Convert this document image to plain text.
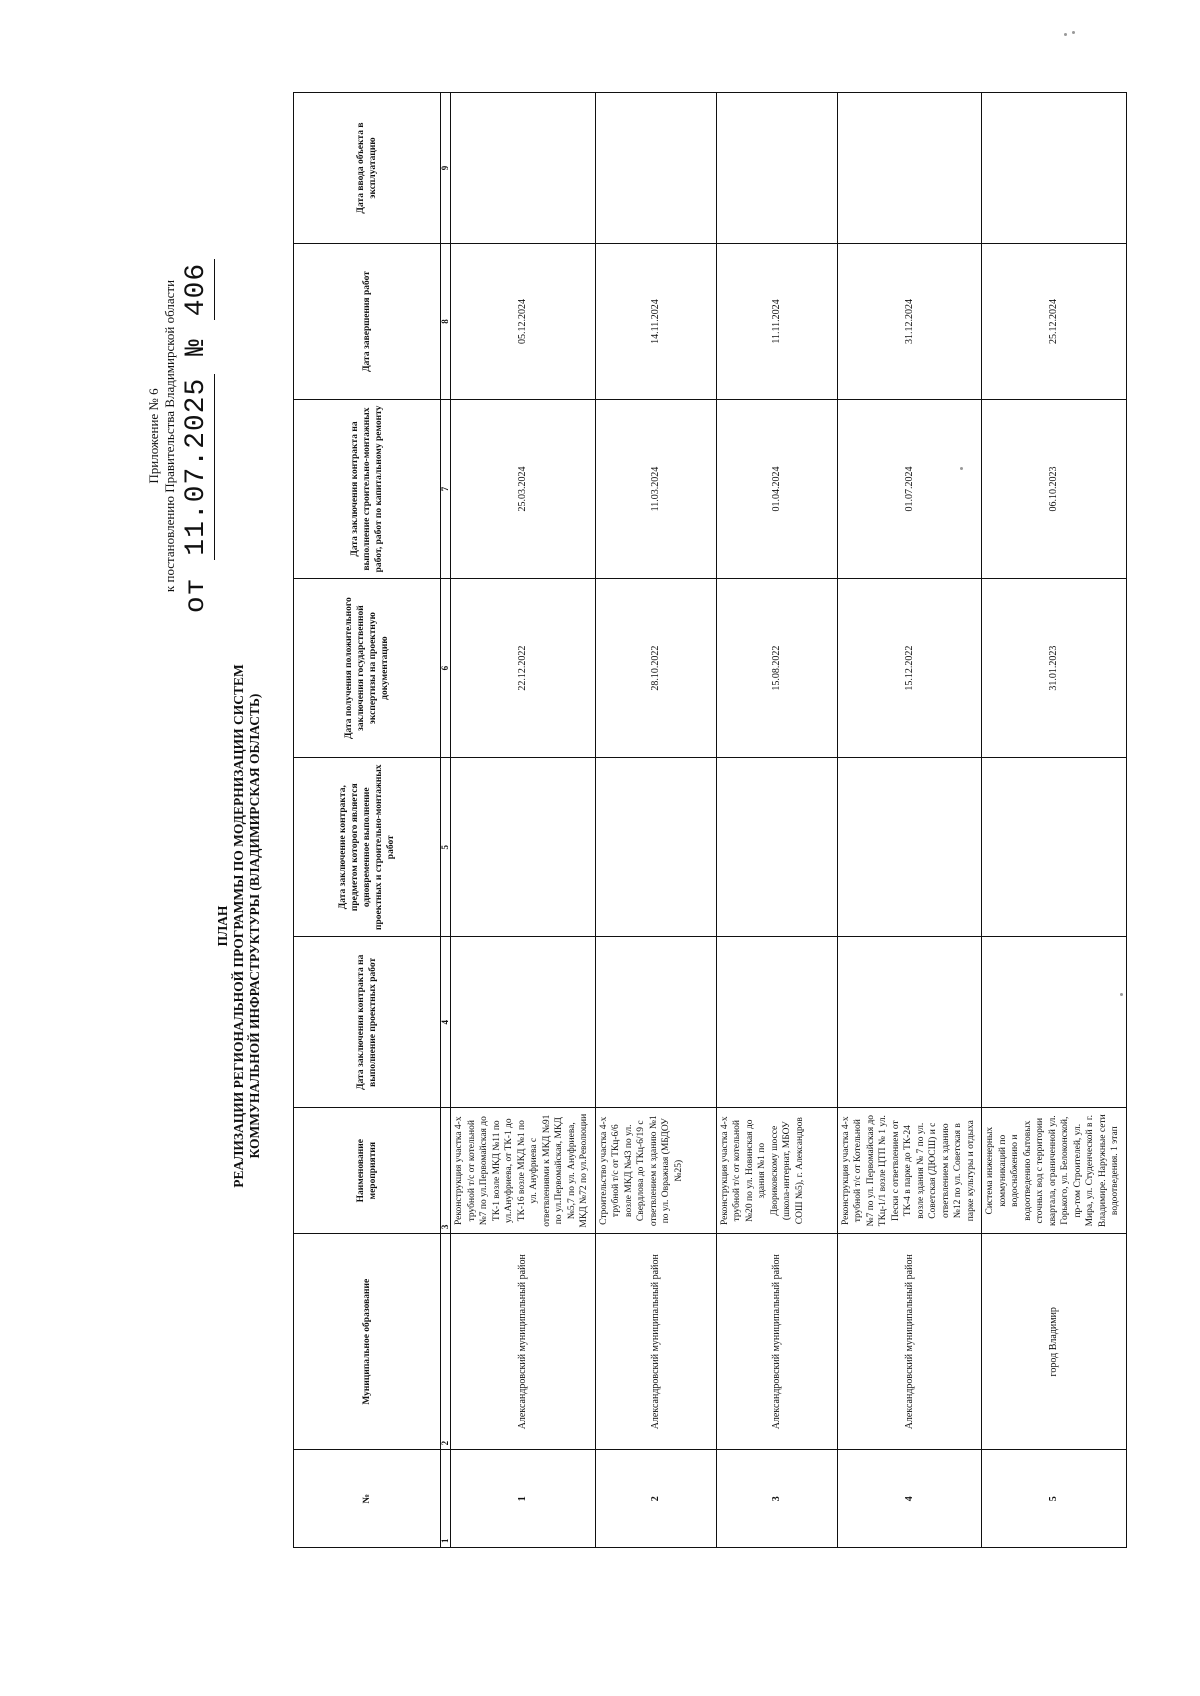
Приложение № 6 к постановлению Правительства Владимирской области
от 11.07.2025 № 406
ПЛАН РЕАЛИЗАЦИИ РЕГИОНАЛЬНОЙ ПРОГРАММЫ ПО МОДЕРНИЗАЦИИ СИСТЕМ КОММУНАЛЬНОЙ ИНФРАСТРУКТУРЫ (ВЛАДИМИРСКАЯ ОБЛАСТЬ)
№	Муниципальное образование	Наименование мероприятия	Дата заключения контракта на выполнение проектных работ	Дата заключение контракта, предметом которого является одновременное выполнение проектных и строительно-монтажных работ	Дата получения положительного заключения государственной экспертизы на проектную документацию	Дата заключения контракта на выполнение строительно-монтажных работ, работ по капитальному ремонту	Дата завершения работ	Дата ввода объекта в эксплуатацию
1	2	3	4	5	6	7	8	9
1	Александровский муниципальный район	Реконструкция участка 4-х трубной т/с от котельной №7 по ул.Первомайская до ТК-1 возле МКД №11 по ул.Ануфриева, от ТК-1 до ТК-16 возле МКД №1 по ул. Ануфриева с ответвлениями к МКД №91 по ул.Первомайская, МКД №5,7 по ул. Ануфриева, МКД №72 по ул.Революции			22.12.2022	25.03.2024	05.12.2024	
2	Александровский муниципальный район	Строительство участка 4-х трубной т/с от ТКц-6/6 возле МКД №43 по ул. Свердлова до ТКц-6/19 с ответвлением к зданию №1 по ул. Овражная (МБДОУ №25)			28.10.2022	11.03.2024	14.11.2024	
3	Александровский муниципальный район	Реконструкция участка 4-х трубной т/с от котельной №20 по ул. Новинская до здания №1 по Двориковскому шоссе (школа-интернат, МБОУ СОШ №5), г. Александров			15.08.2022	01.04.2024	11.11.2024	
4	Александровский муниципальный район	Реконструкция участка 4-х трубной т/с от Котельной №7 по ул. Первомайская до ТКц-1/1 возле ЦТП № 1 ул. Пески с ответвлением от ТК-4 в парке до ТК-24 возле здания № 7 по ул. Советская (ДЮСШ) и с ответвлением к зданию №12 по ул. Советская в парке культуры и отдыха			15.12.2022	01.07.2024	31.12.2024	
5	город Владимир	Система инженерных коммуникаций по водоснабжению и водоотведению бытовых сточных вод с территории квартала, ограниченной ул. Горького, ул. Белоконской, пр-том Строителей, ул. Мира, ул. Студенческой в г. Владимире. Наружные сети водоотведения. 1 этап			31.01.2023	06.10.2023	25.12.2024	
